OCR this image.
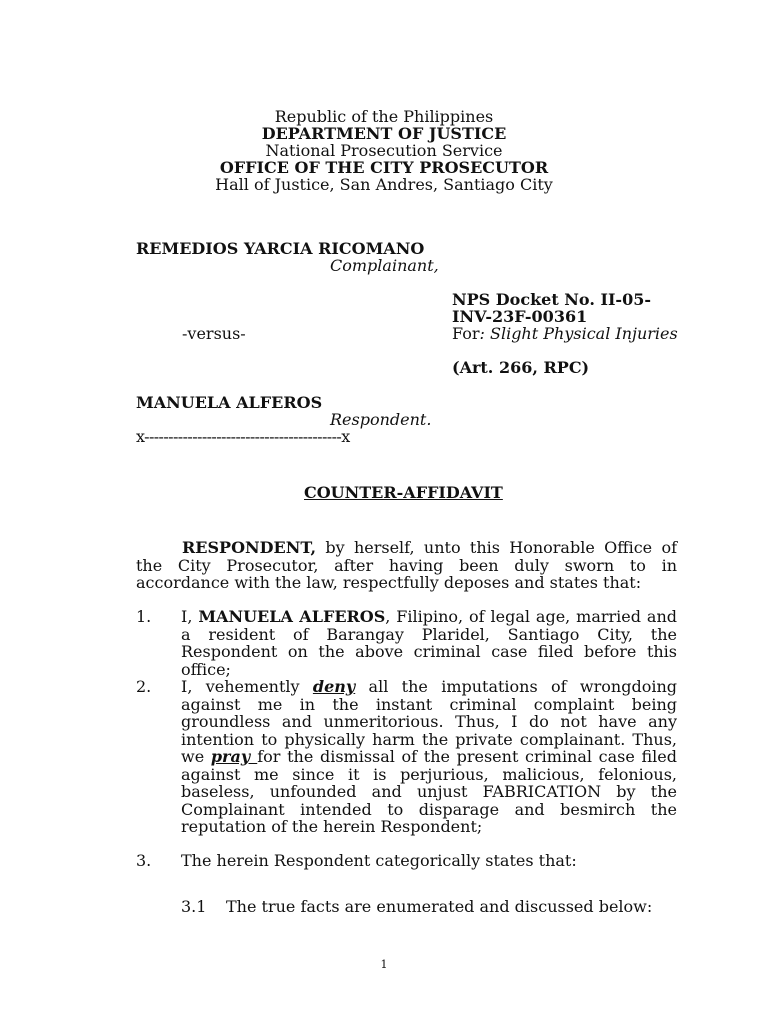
Republic of the Philippines
DEPARTMENT OF JUSTICE
National Prosecution Service
OFFICE OF THE CITY PROSECUTOR
Hall of Justice, San Andres, Santiago City
REMEDIOS YARCIA RICOMANO
Complainant,
NPS Docket No. II-05-
INV-23F-00361
-versus-	For: Slight Physical Injuries
(Art. 266, RPC)
MANUELA ALFEROS
Respondent.
x-----------------------------------------x
COUNTER-AFFIDAVIT
RESPONDENT, by herself, unto this Honorable Office of the City Prosecutor, after having been duly sworn to in accordance with the law, respectfully deposes and states that:
1. I, MANUELA ALFEROS, Filipino, of legal age, married and a resident of Barangay Plaridel, Santiago City, the Respondent on the above criminal case filed before this office;
2. I, vehemently deny all the imputations of wrongdoing against me in the instant criminal complaint being groundless and unmeritorious. Thus, I do not have any intention to physically harm the private complainant. Thus, we pray for the dismissal of the present criminal case filed against me since it is perjurious, malicious, felonious, baseless, unfounded and unjust FABRICATION by the Complainant intended to disparage and besmirch the reputation of the herein Respondent;
3. The herein Respondent categorically states that:
3.1 The true facts are enumerated and discussed below:
1
